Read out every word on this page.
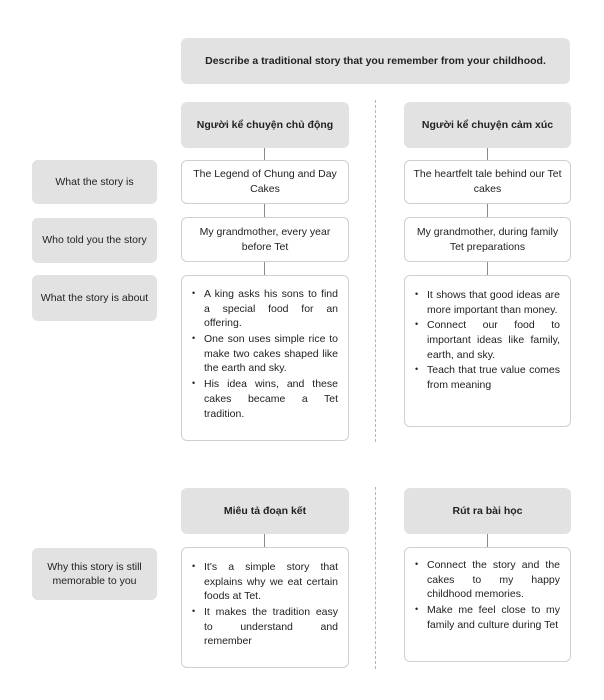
Describe a traditional story that you remember from your childhood.
Người kể chuyện chủ động	Người kể chuyện cảm xúc
What the story is
Who told you the story
What the story is about
The Legend of Chung and Day Cakes
The heartfelt tale behind our Tet cakes
My grandmother, every year before Tet
My grandmother, during family Tet preparations
• A king asks his sons to find a special food for an offering.
• One son uses simple rice to make two cakes shaped like the earth and sky.
• His idea wins, and these cakes became a Tet tradition.
• It shows that good ideas are more important than money.
• Connect our food to important ideas like family, earth, and sky.
• Teach that true value comes from meaning
Miêu tả đoạn kết	Rút ra bài học
Why this story is still memorable to you
• It's a simple story that explains why we eat certain foods at Tet.
• It makes the tradition easy to understand and remember
• Connect the story and the cakes to my happy childhood memories.
• Make me feel close to my family and culture during Tet
